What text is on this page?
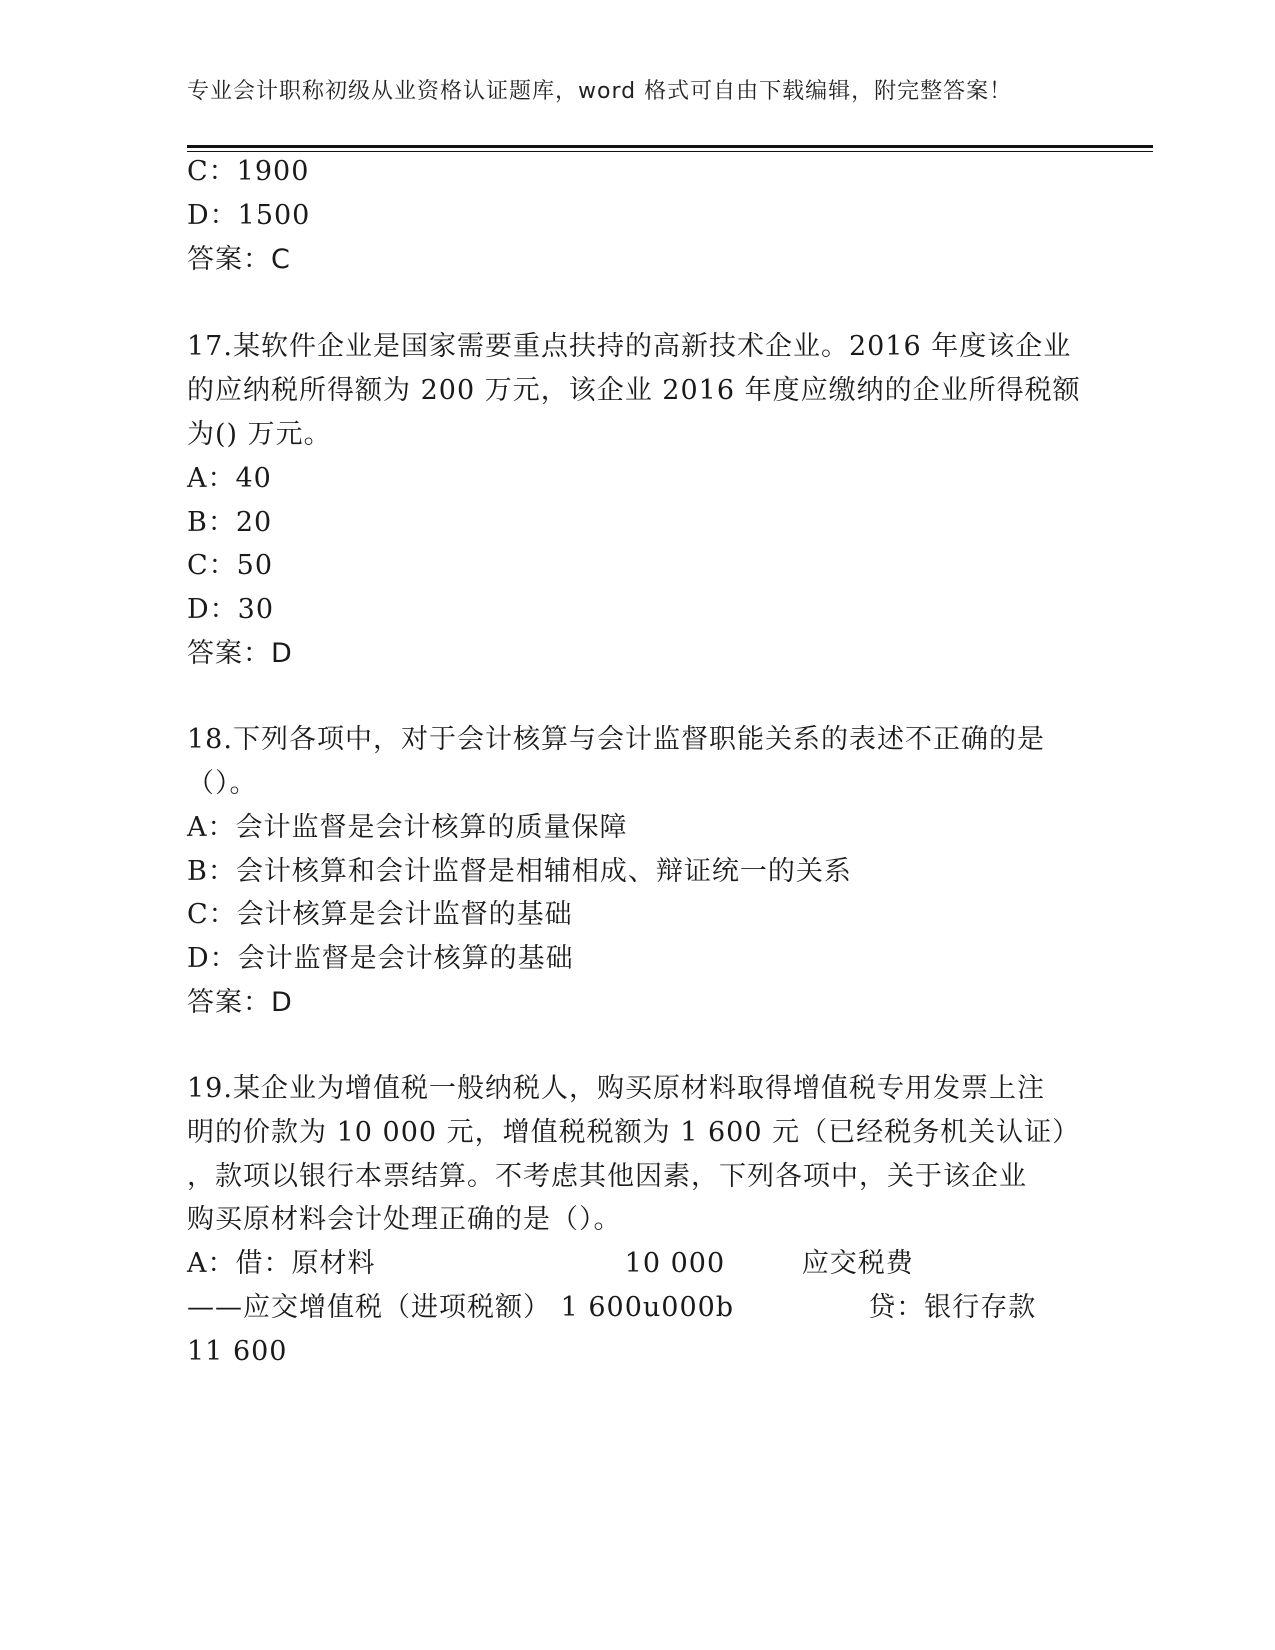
专业会计职称初级从业资格认证题库，word 格式可自由下载编辑，附完整答案！
C：1900
D：1500
答案：C
17.某软件企业是国家需要重点扶持的高新技术企业。2016 年度该企业
的应纳税所得额为 200 万元，该企业 2016 年度应缴纳的企业所得税额
为() 万元。
A：40
B：20
C：50
D：30
答案：D
18.下列各项中，对于会计核算与会计监督职能关系的表述不正确的是
（）。
A：会计监督是会计核算的质量保障
B：会计核算和会计监督是相辅相成、辩证统一的关系
C：会计核算是会计监督的基础
D：会计监督是会计核算的基础
答案：D
19.某企业为增值税一般纳税人，购买原材料取得增值税专用发票上注
明的价款为 10 000 元，增值税税额为 1 600 元（已经税务机关认证）
，款项以银行本票结算。不考虑其他因素，下列各项中，关于该企业
购买原材料会计处理正确的是（）。
A：借：原材料                          10 000        应交税费
——应交增值税（进项税额） 1 600u000b              贷：银行存款
11 600
